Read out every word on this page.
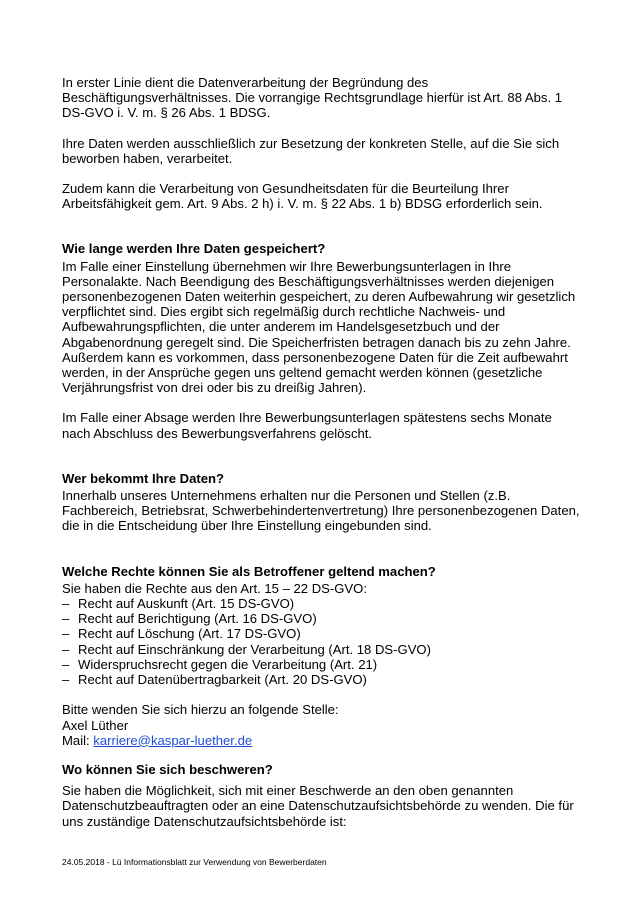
In erster Linie dient die Datenverarbeitung der Begründung des Beschäftigungsverhältnisses. Die vorrangige Rechtsgrundlage hierfür ist Art. 88 Abs. 1 DS-GVO i. V. m. § 26 Abs. 1 BDSG.

Ihre Daten werden ausschließlich zur Besetzung der konkreten Stelle, auf die Sie sich beworben haben, verarbeitet.

Zudem kann die Verarbeitung von Gesundheitsdaten für die Beurteilung Ihrer Arbeitsfähigkeit gem. Art. 9 Abs. 2 h) i. V. m. § 22 Abs. 1 b) BDSG erforderlich sein.

Wie lange werden Ihre Daten gespeichert?

Im Falle einer Einstellung übernehmen wir Ihre Bewerbungsunterlagen in Ihre Personalakte. Nach Beendigung des Beschäftigungsverhältnisses werden diejenigen personenbezogenen Daten weiterhin gespeichert, zu deren Aufbewahrung wir gesetzlich verpflichtet sind. Dies ergibt sich regelmäßig durch rechtliche Nachweis- und Aufbewahrungspflichten, die unter anderem im Handelsgesetzbuch und der Abgabenordnung geregelt sind. Die Speicherfristen betragen danach bis zu zehn Jahre. Außerdem kann es vorkommen, dass personenbezogene Daten für die Zeit aufbewahrt werden, in der Ansprüche gegen uns geltend gemacht werden können (gesetzliche Verjährungsfrist von drei oder bis zu dreißig Jahren).

Im Falle einer Absage werden Ihre Bewerbungsunterlagen spätestens sechs Monate nach Abschluss des Bewerbungsverfahrens gelöscht.

Wer bekommt Ihre Daten?

Innerhalb unseres Unternehmens erhalten nur die Personen und Stellen (z.B. Fachbereich, Betriebsrat, Schwerbehindertenvertretung) Ihre personenbezogenen Daten, die in die Entscheidung über Ihre Einstellung eingebunden sind.

Welche Rechte können Sie als Betroffener geltend machen?

Sie haben die Rechte aus den Art. 15 – 22 DS-GVO:

– Recht auf Auskunft (Art. 15 DS-GVO)
– Recht auf Berichtigung (Art. 16 DS-GVO)
– Recht auf Löschung (Art. 17 DS-GVO)
– Recht auf Einschränkung der Verarbeitung (Art. 18 DS-GVO)
– Widerspruchsrecht gegen die Verarbeitung (Art. 21)
– Recht auf Datenübertragbarkeit (Art. 20 DS-GVO)

Bitte wenden Sie sich hierzu an folgende Stelle:

Axel Lüther

Mail: karriere@kaspar-luether.de

Wo können Sie sich beschweren?

Sie haben die Möglichkeit, sich mit einer Beschwerde an den oben genannten Datenschutzbeauftragten oder an eine Datenschutzaufsichtsbehörde zu wenden. Die für uns zuständige Datenschutzaufsichtsbehörde ist:

24.05.2018 - Lü Informationsblatt zur Verwendung von Bewerberdaten
